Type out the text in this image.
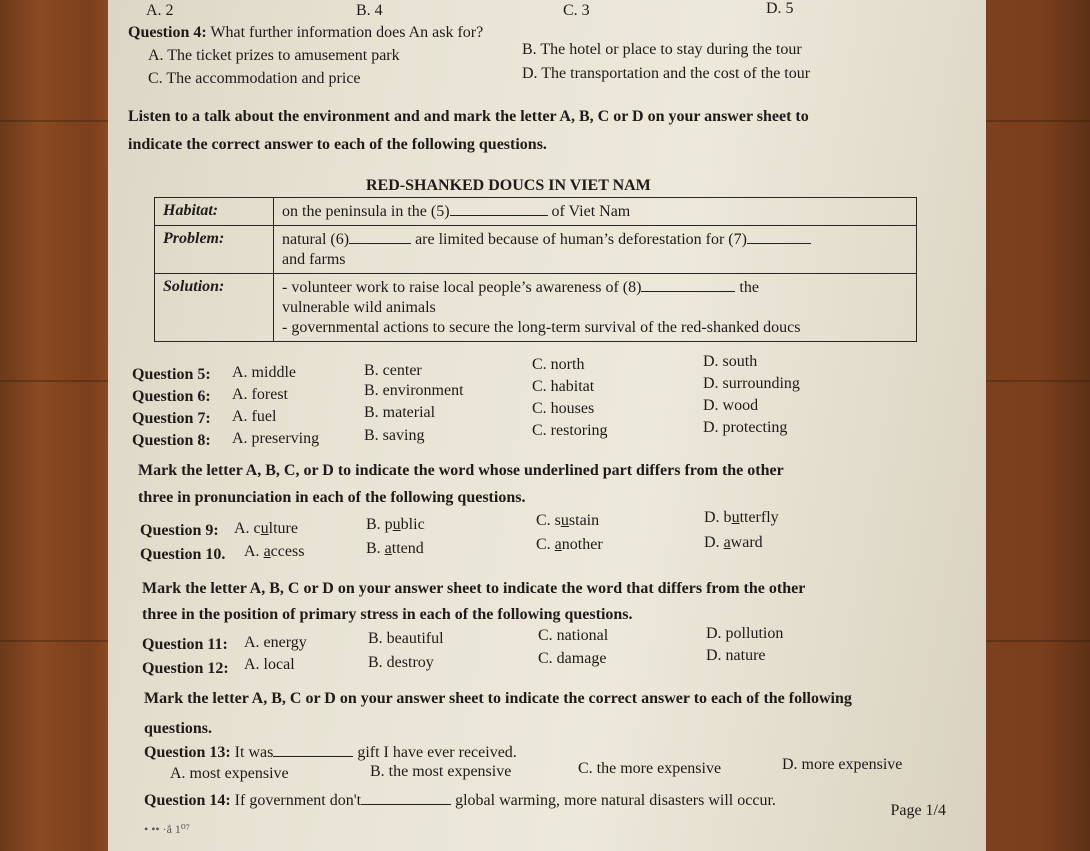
A. 2	B. 4	C. 3	D. 5
Question 4: What further information does An ask for?
A. The ticket prizes to amusement park	B. The hotel or place to stay during the tour
C. The accommodation and price	D. The transportation and the cost of the tour
Listen to a talk about the environment and and mark the letter A, B, C or D on your answer sheet to
indicate the correct answer to each of the following questions.
RED-SHANKED DOUCS IN VIET NAM
Habitat:	on the peninsula in the (5) of Viet Nam
Problem:	natural (6) are limited because of human’s deforestation for (7)
and farms
Solution:	- volunteer work to raise local people’s awareness of (8) the
vulnerable wild animals
- governmental actions to secure the long-term survival of the red-shanked doucs
Question 5: A. middle	B. center	C. north	D. south
Question 6: A. forest	B. environment	C. habitat	D. surrounding
Question 7: A. fuel	B. material	C. houses	D. wood
Question 8: A. preserving	B. saving	C. restoring	D. protecting
Mark the letter A, B, C, or D to indicate the word whose underlined part differs from the other
three in pronunciation in each of the following questions.
Question 9: A. culture	B. public	C. sustain	D. butterfly
Question 10. A. access	B. attend	C. another	D. award
Mark the letter A, B, C or D on your answer sheet to indicate the word that differs from the other
three in the position of primary stress in each of the following questions.
Question 11: A. energy	B. beautiful	C. national	D. pollution
Question 12: A. local	B. destroy	C. damage	D. nature
Mark the letter A, B, C or D on your answer sheet to indicate the correct answer to each of the following
questions.
Question 13: It was	gift I have ever received.
A. most expensive	B. the most expensive	C. the more expensive	D. more expensive
Question 14: If government don't	global warming, more natural disasters will occur.
• •• ·ẳ 1⁰⁷
Page 1/4
